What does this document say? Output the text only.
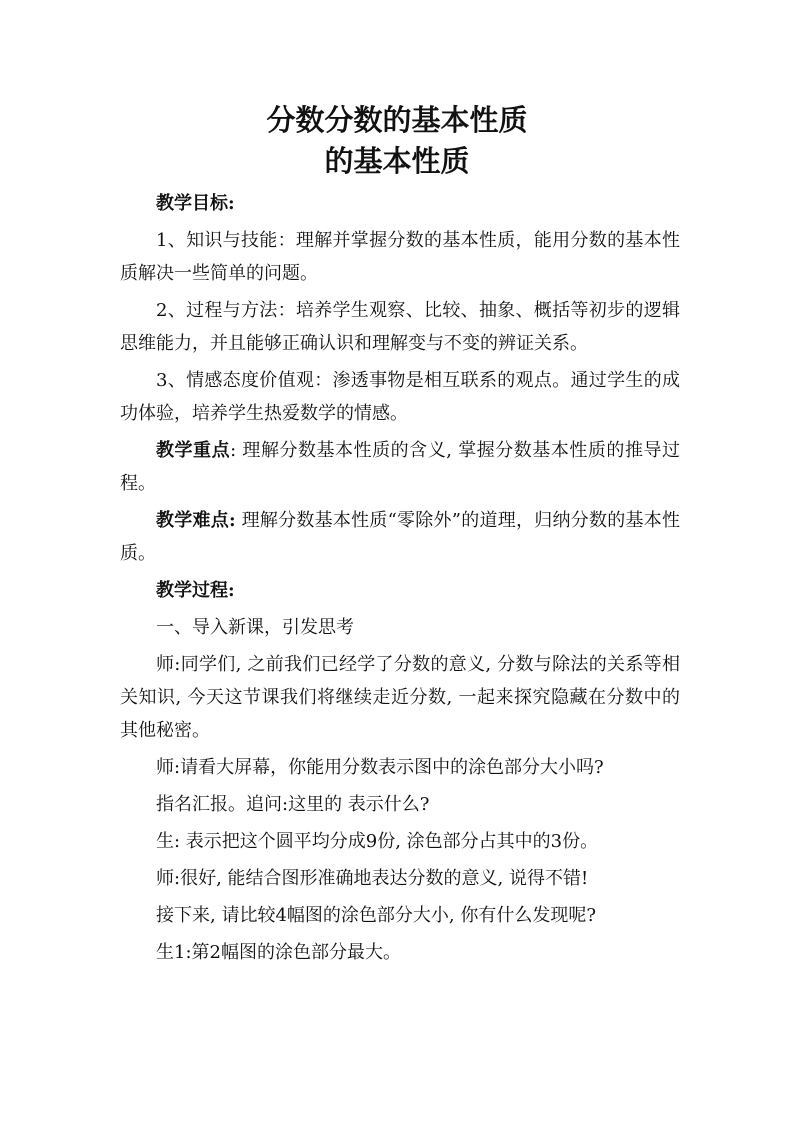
分数分数的基本性质
的基本性质

教学目标:

1、知识与技能：理解并掌握分数的基本性质，能用分数的基本性质解决一些简单的问题。

2、过程与方法：培养学生观察、比较、抽象、概括等初步的逻辑思维能力，并且能够正确认识和理解变与不变的辨证关系。

3、情感态度价值观：渗透事物是相互联系的观点。通过学生的成功体验，培养学生热爱数学的情感。

教学重点: 理解分数基本性质的含义, 掌握分数基本性质的推导过程。

教学难点: 理解分数基本性质“零除外”的道理，归纳分数的基本性质。

教学过程:

一、导入新课，引发思考

师:同学们, 之前我们已经学了分数的意义, 分数与除法的关系等相关知识, 今天这节课我们将继续走近分数, 一起来探究隐藏在分数中的其他秘密。

师:请看大屏幕，你能用分数表示图中的涂色部分大小吗?

指名汇报。追问:这里的 表示什么?

生: 表示把这个圆平均分成9份, 涂色部分占其中的3份。

师:很好, 能结合图形准确地表达分数的意义, 说得不错!

接下来, 请比较4幅图的涂色部分大小, 你有什么发现呢?

生1:第2幅图的涂色部分最大。
